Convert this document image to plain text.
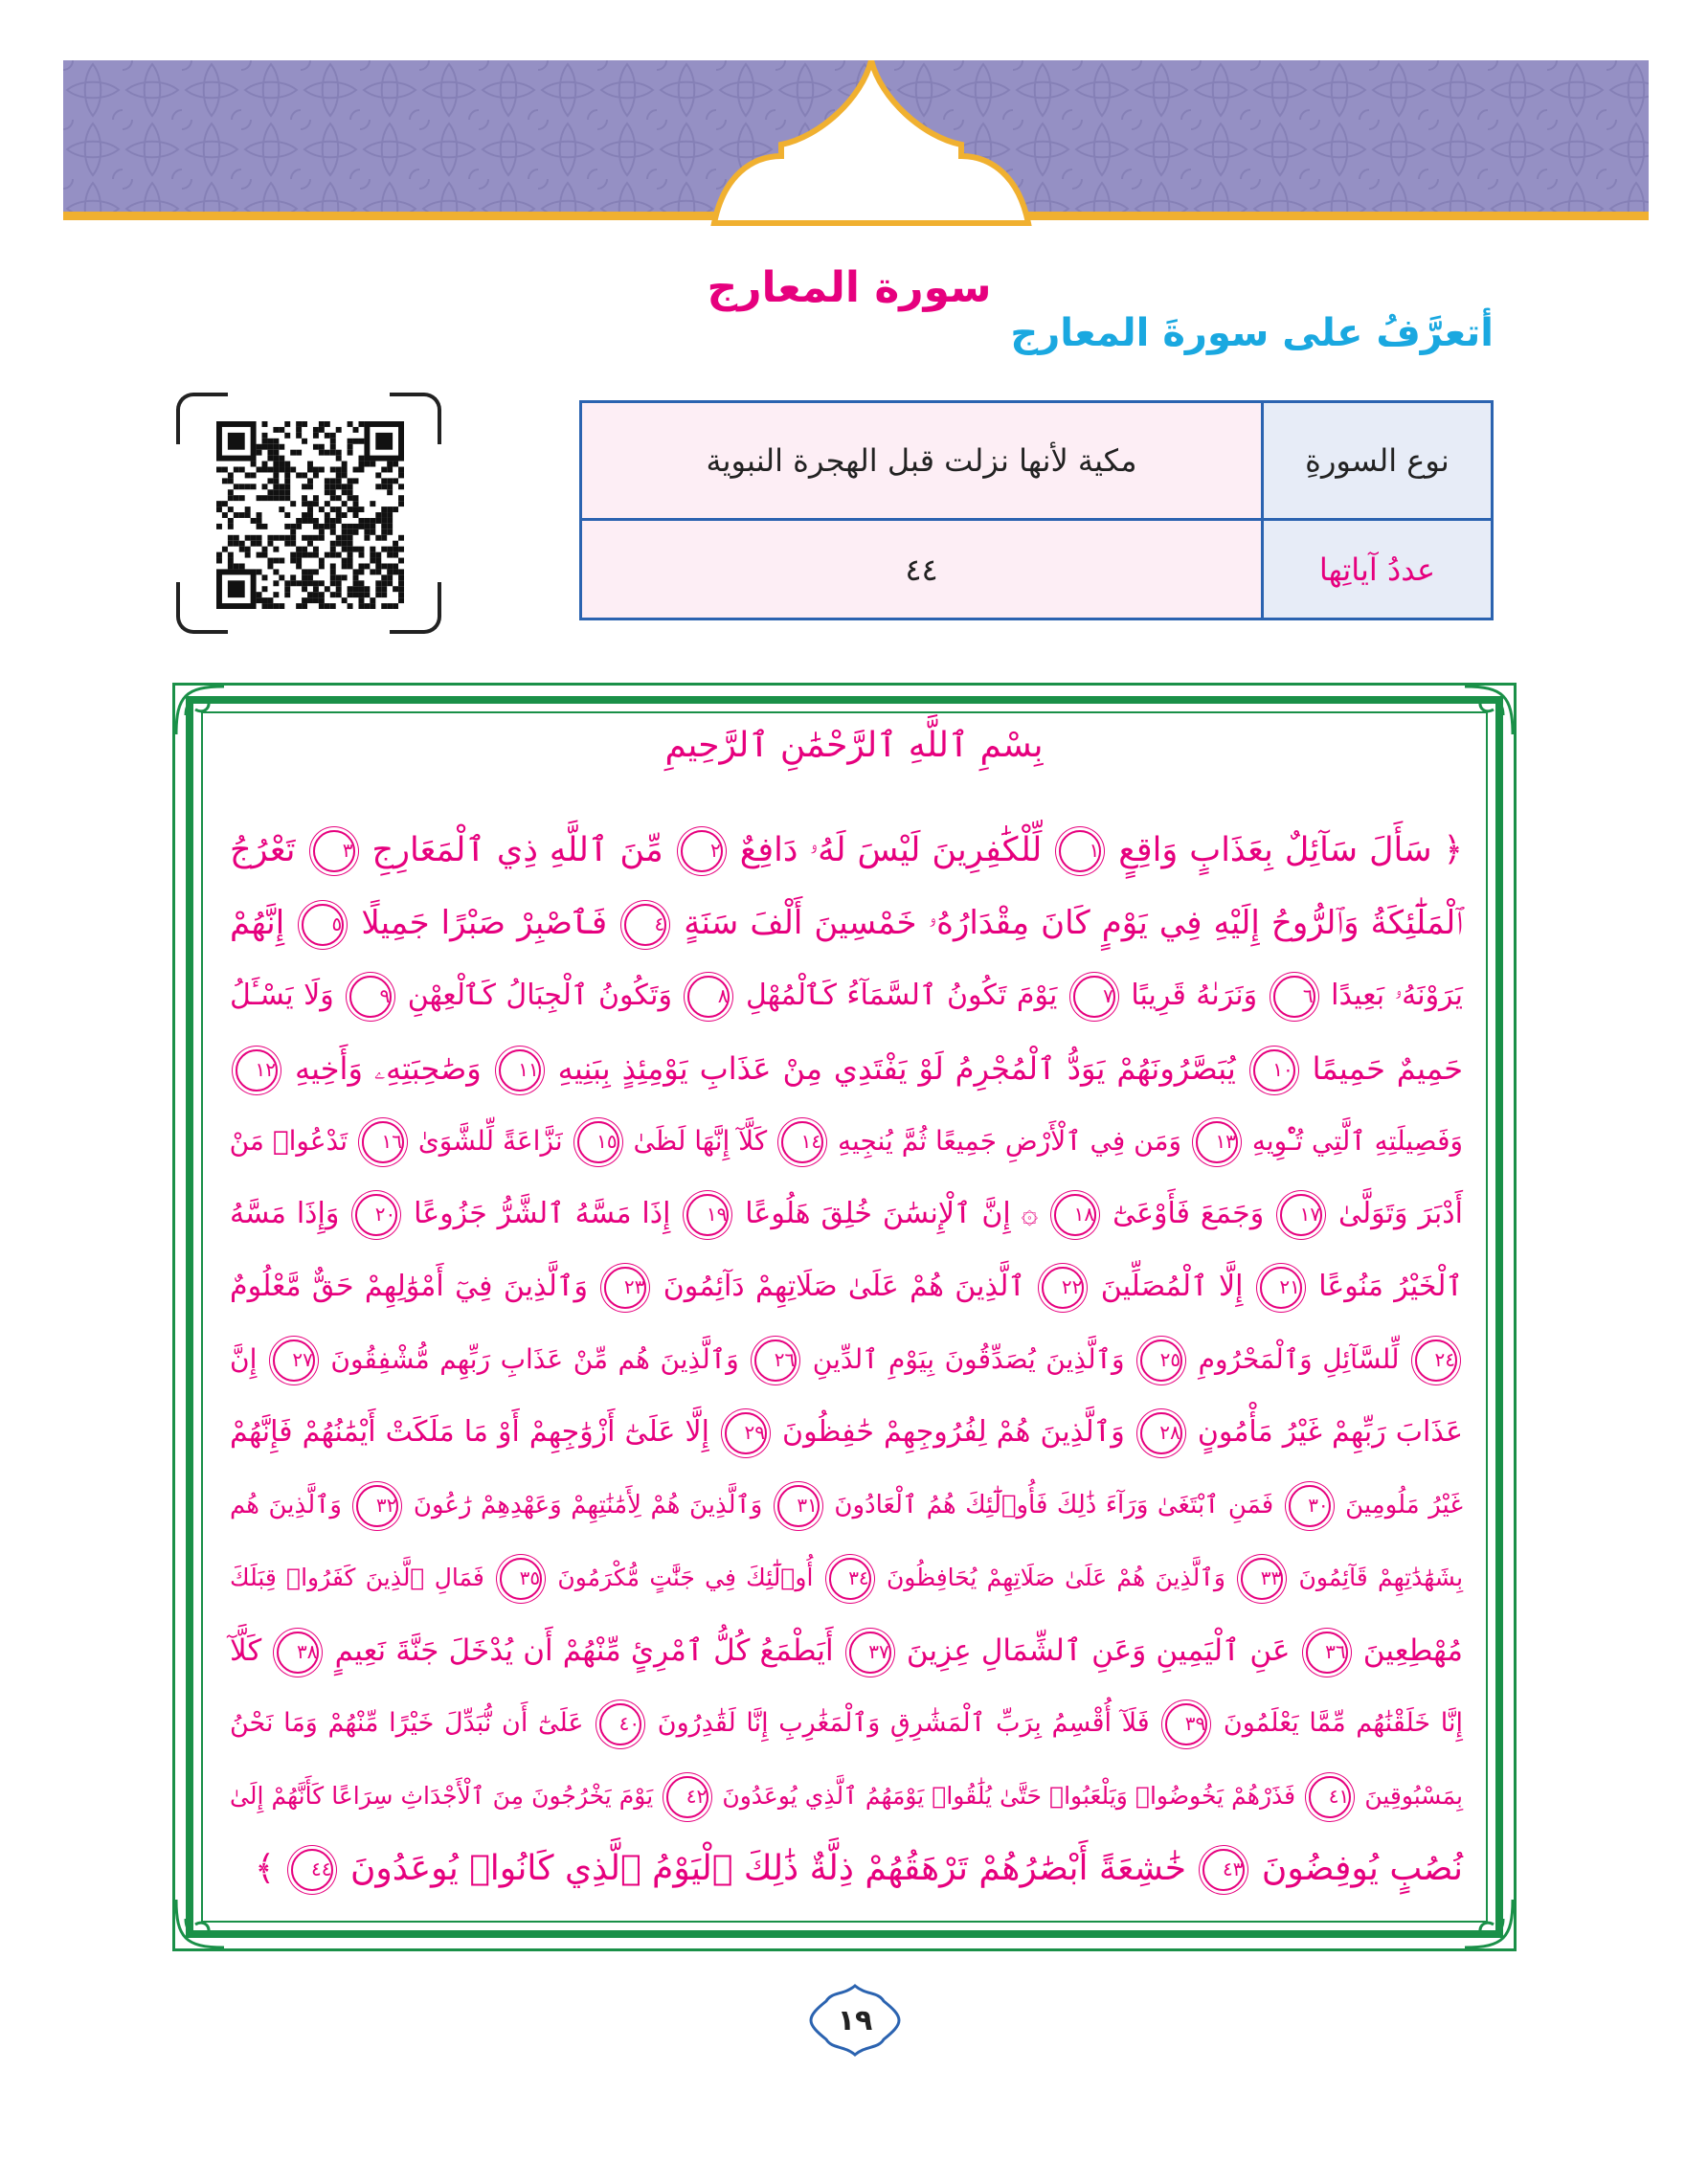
سورة المعارج
أتعرَّفُ على سورةَ المعارج
نوع السورةِ	مكية لأنها نزلت قبل الهجرة النبوية
عددُ آياتِها	٤٤
بِسْمِ ٱللَّهِ ٱلرَّحْمَٰنِ ٱلرَّحِيمِ
﴿ سَأَلَ سَآئِلٌ بِعَذَابٍ وَاقِعٍ ١ لِّلْكَٰفِرِينَ لَيْسَ لَهُۥ دَافِعٌ ٢ مِّنَ ٱللَّهِ ذِي ٱلْمَعَارِجِ ٣ تَعْرُجُ
ٱلْمَلَٰٓئِكَةُ وَٱلرُّوحُ إِلَيْهِ فِي يَوْمٍ كَانَ مِقْدَارُهُۥ خَمْسِينَ أَلْفَ سَنَةٍ ٤ فَٱصْبِرْ صَبْرًا جَمِيلًا ٥ إِنَّهُمْ
يَرَوْنَهُۥ بَعِيدًا ٦ وَنَرَىٰهُ قَرِيبًا ٧ يَوْمَ تَكُونُ ٱلسَّمَآءُ كَٱلْمُهْلِ ٨ وَتَكُونُ ٱلْجِبَالُ كَٱلْعِهْنِ ٩ وَلَا يَسْـَٔلُ
حَمِيمٌ حَمِيمًا ١٠ يُبَصَّرُونَهُمْ يَوَدُّ ٱلْمُجْرِمُ لَوْ يَفْتَدِي مِنْ عَذَابِ يَوْمِئِذٍ بِبَنِيهِ ١١ وَصَٰحِبَتِهِۦ وَأَخِيهِ ١٢
وَفَصِيلَتِهِ ٱلَّتِي تُـْٔوِيهِ ١٣ وَمَن فِي ٱلْأَرْضِ جَمِيعًا ثُمَّ يُنجِيهِ ١٤ كَلَّآ إِنَّهَا لَظَىٰ ١٥ نَزَّاعَةً لِّلشَّوَىٰ ١٦ تَدْعُوا۟ مَنْ
أَدْبَرَ وَتَوَلَّىٰ ١٧ وَجَمَعَ فَأَوْعَىٰٓ ١٨ ۞ إِنَّ ٱلْإِنسَٰنَ خُلِقَ هَلُوعًا ١٩ إِذَا مَسَّهُ ٱلشَّرُّ جَزُوعًا ٢٠ وَإِذَا مَسَّهُ
ٱلْخَيْرُ مَنُوعًا ٢١ إِلَّا ٱلْمُصَلِّينَ ٢٢ ٱلَّذِينَ هُمْ عَلَىٰ صَلَاتِهِمْ دَآئِمُونَ ٢٣ وَٱلَّذِينَ فِيٓ أَمْوَٰلِهِمْ حَقٌّ مَّعْلُومٌ
٢٤ لِّلسَّآئِلِ وَٱلْمَحْرُومِ ٢٥ وَٱلَّذِينَ يُصَدِّقُونَ بِيَوْمِ ٱلدِّينِ ٢٦ وَٱلَّذِينَ هُم مِّنْ عَذَابِ رَبِّهِم مُّشْفِقُونَ ٢٧ إِنَّ
عَذَابَ رَبِّهِمْ غَيْرُ مَأْمُونٍ ٢٨ وَٱلَّذِينَ هُمْ لِفُرُوجِهِمْ حَٰفِظُونَ ٢٩ إِلَّا عَلَىٰٓ أَزْوَٰجِهِمْ أَوْ مَا مَلَكَتْ أَيْمَٰنُهُمْ فَإِنَّهُمْ
غَيْرُ مَلُومِينَ ٣٠ فَمَنِ ٱبْتَغَىٰ وَرَآءَ ذَٰلِكَ فَأُو۟لَٰٓئِكَ هُمُ ٱلْعَادُونَ ٣١ وَٱلَّذِينَ هُمْ لِأَمَٰنَٰتِهِمْ وَعَهْدِهِمْ رَٰعُونَ ٣٢ وَٱلَّذِينَ هُم
بِشَهَٰدَٰتِهِمْ قَآئِمُونَ ٣٣ وَٱلَّذِينَ هُمْ عَلَىٰ صَلَاتِهِمْ يُحَافِظُونَ ٣٤ أُو۟لَٰٓئِكَ فِي جَنَّٰتٍ مُّكْرَمُونَ ٣٥ فَمَالِ ٱلَّذِينَ كَفَرُوا۟ قِبَلَكَ
مُهْطِعِينَ ٣٦ عَنِ ٱلْيَمِينِ وَعَنِ ٱلشِّمَالِ عِزِينَ ٣٧ أَيَطْمَعُ كُلُّ ٱمْرِئٍ مِّنْهُمْ أَن يُدْخَلَ جَنَّةَ نَعِيمٍ ٣٨ كَلَّآ
إِنَّا خَلَقْنَٰهُم مِّمَّا يَعْلَمُونَ ٣٩ فَلَآ أُقْسِمُ بِرَبِّ ٱلْمَشَٰرِقِ وَٱلْمَغَٰرِبِ إِنَّا لَقَٰدِرُونَ ٤٠ عَلَىٰٓ أَن نُّبَدِّلَ خَيْرًا مِّنْهُمْ وَمَا نَحْنُ
بِمَسْبُوقِينَ ٤١ فَذَرْهُمْ يَخُوضُوا۟ وَيَلْعَبُوا۟ حَتَّىٰ يُلَٰقُوا۟ يَوْمَهُمُ ٱلَّذِي يُوعَدُونَ ٤٢ يَوْمَ يَخْرُجُونَ مِنَ ٱلْأَجْدَاثِ سِرَاعًا كَأَنَّهُمْ إِلَىٰ
نُصُبٍ يُوفِضُونَ ٤٣ خَٰشِعَةً أَبْصَٰرُهُمْ تَرْهَقُهُمْ ذِلَّةٌ ذَٰلِكَ ٱلْيَوْمُ ٱلَّذِي كَانُوا۟ يُوعَدُونَ ٤٤ ﴾
١٩
